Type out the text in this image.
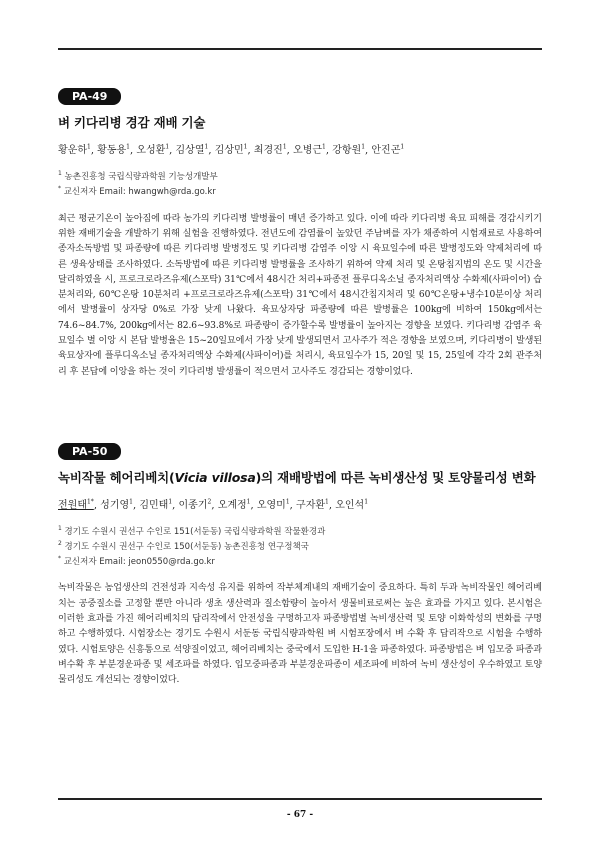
PA-49
벼 키다리병 경감 재배 기술
황운하$^1$, 황동용$^1$, 오성환$^1$, 김상열$^1$, 김상민$^1$, 최경진$^1$, 오병근$^1$, 강항원$^1$, 안진곤$^1$
$^1$ 농촌진흥청 국립식량과학원 기능성개발부
* 교신저자 Email: hwangwh@rda.go.kr
최근 평균기온이 높아짐에 따라 농가의 키다리병 발병률이 매년 증가하고 있다. 이에 따라 키다리병 육묘 피해를 경감시키기 위한 재배기술을 개발하기 위해 실험을 진행하였다. 전년도에 감염률이 높았던 주남벼를 자가 채종하여 시험재료로 사용하여 종자소독방법 및 파종량에 따른 키다리병 발병정도 및 키다리병 감염주 이앙 시 육묘일수에 따른 발병정도와 약제처리에 따른 생육상태를 조사하였다. 소독방법에 따른 키다리병 발병률을 조사하기 위하여 약제 처리 및 온탕침지법의 온도 및 시간을 달리하였을 시, 프로크로라즈유제(스포탁) 31℃에서 48시간 처리+파종전 플루디옥소닐 종자처리액상 수화제(사파이어) 습분처리와, 60℃온탕 10분처리 +프로크로라즈유제(스포탁) 31℃에서 48시간침지처리 및 60℃온탕+냉수10분이상 처리에서 발병률이 상자당 0%로 가장 낮게 나왔다. 육묘상자당 파종량에 따른 발병률은 100kg에 비하여 150kg에서는 74.6~84.7%, 200kg에서는 82.6~93.8%로 파종량이 증가할수록 발병률이 높아지는 경향을 보였다. 키다리병 감염주 육묘일수 별 이앙 시 본답 발병율은 15~20일묘에서 가장 낮게 발생되면서 고사주가 적은 경향을 보였으며, 키다리병이 발생된 육묘상자에 플루디옥소닐 종자처리액상 수화제(사파이어)를 처리시, 육묘일수가 15, 20일 및 15, 25일에 각각 2회 관주처리 후 본답에 이앙을 하는 것이 키다리병 발생률이 적으면서 고사주도 경감되는 경향이었다.
PA-50
녹비작물 헤어리베치(Vicia villosa)의 재배방법에 따른 녹비생산성 및 토양물리성 변화
전원태$^{1*}$, 성기영$^1$, 김민태$^1$, 이종기$^2$, 오계정$^1$, 오영미$^1$, 구자환$^1$, 오인석$^1$
$^1$ 경기도 수원시 권선구 수인로 151(서둔동) 국립식량과학원 작물환경과
$^2$ 경기도 수원시 권선구 수인로 150(서둔동) 농촌진흥청 연구정책국
* 교신저자 Email: jeon0550@rda.go.kr
녹비작물은 농업생산의 건전성과 지속성 유지를 위하여 작부체계내의 재배기술이 중요하다. 특히 두과 녹비작물인 헤어리베치는 공중질소를 고정할 뿐만 아니라 생초 생산력과 질소함량이 높아서 생물비료로써는 높은 효과를 가지고 있다. 본시험은 이러한 효과를 가진 헤어리베치의 답리작에서 안전성을 구명하고자 파종방법별 녹비생산력 및 토양 이화학성의 변화를 구명하고 수행하였다. 시험장소는 경기도 수원시 서둔동 국립식량과학원 벼 시험포장에서 벼 수확 후 답리작으로 시험을 수행하였다. 시험토양은 신흥통으로 석양질이었고, 헤어리베치는 중국에서 도입한 H-1을 파종하였다. 파종방법은 벼 입모중 파종과 벼수확 후 부분경운파종 및 세조파를 하였다. 입모중파종과 부분경운파종이 세조파에 비하여 녹비 생산성이 우수하였고 토양물리성도 개선되는 경향이었다.
- 67 -
